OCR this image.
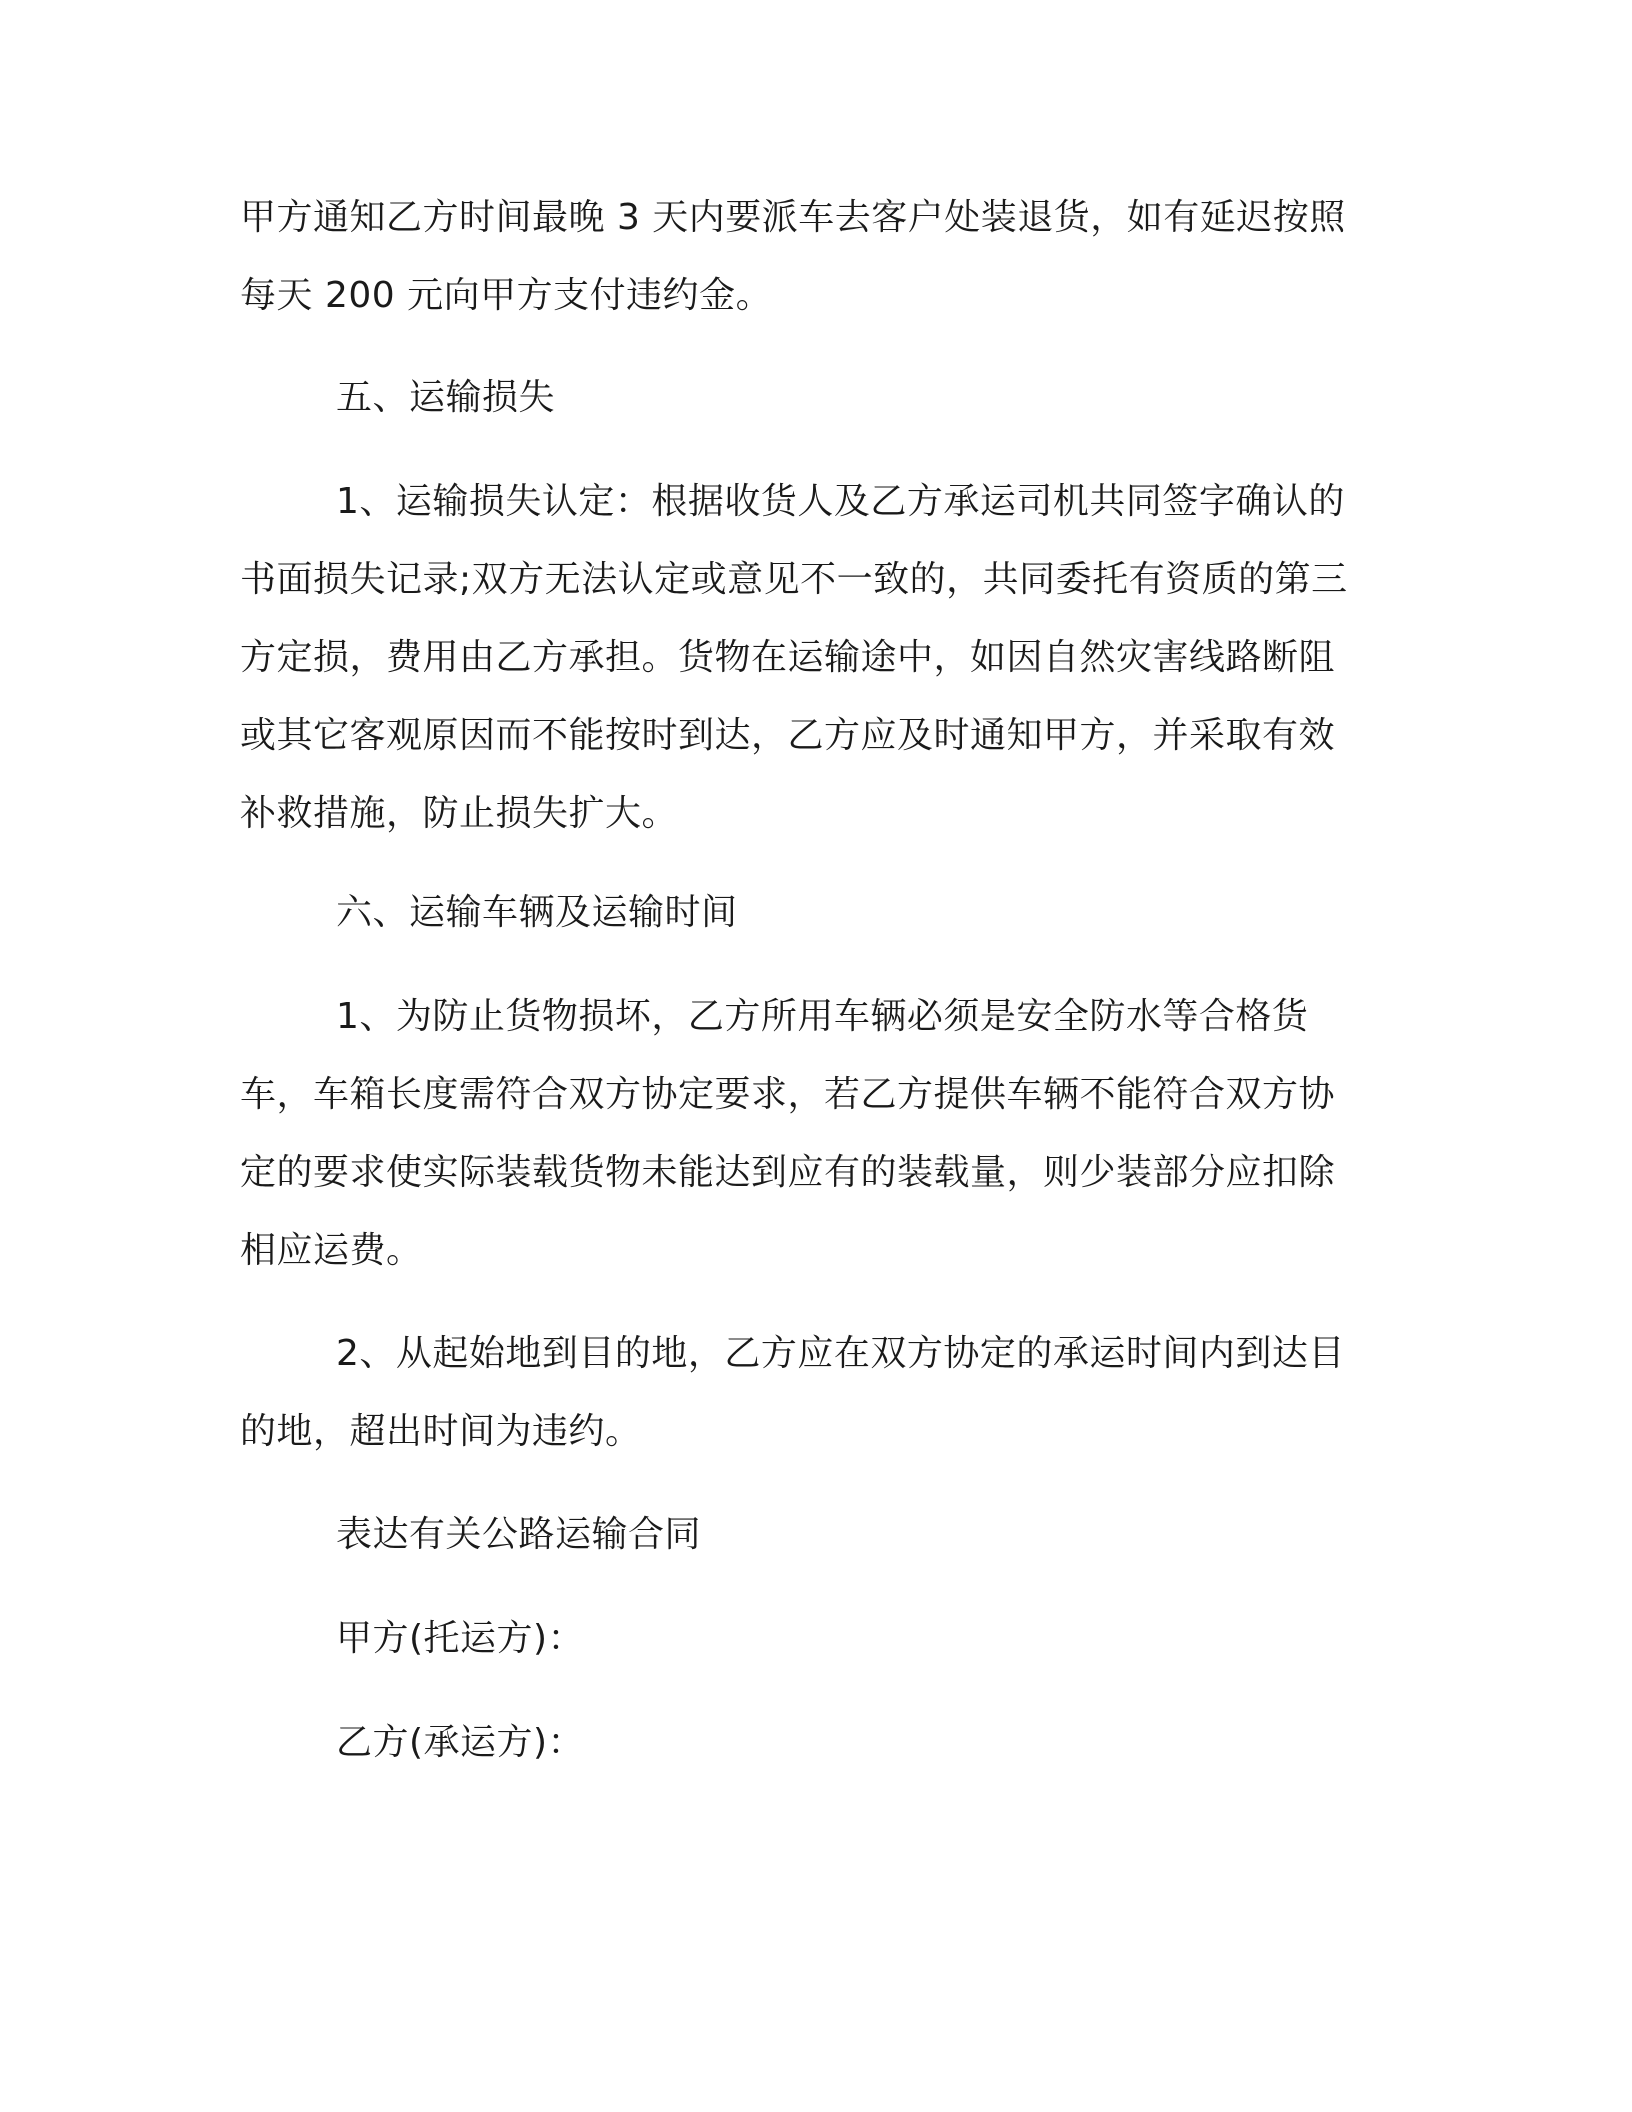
甲方通知乙方时间最晚 3 天内要派车去客户处装退货，如有延迟按照
每天 200 元向甲方支付违约金。
五、运输损失
1、运输损失认定：根据收货人及乙方承运司机共同签字确认的
书面损失记录;双方无法认定或意见不一致的，共同委托有资质的第三
方定损，费用由乙方承担。货物在运输途中，如因自然灾害线路断阻
或其它客观原因而不能按时到达，乙方应及时通知甲方，并采取有效
补救措施，防止损失扩大。
六、运输车辆及运输时间
1、为防止货物损坏，乙方所用车辆必须是安全防水等合格货
车，车箱长度需符合双方协定要求，若乙方提供车辆不能符合双方协
定的要求使实际装载货物未能达到应有的装载量，则少装部分应扣除
相应运费。
2、从起始地到目的地，乙方应在双方协定的承运时间内到达目
的地，超出时间为违约。
表达有关公路运输合同
甲方(托运方)：
乙方(承运方)：
